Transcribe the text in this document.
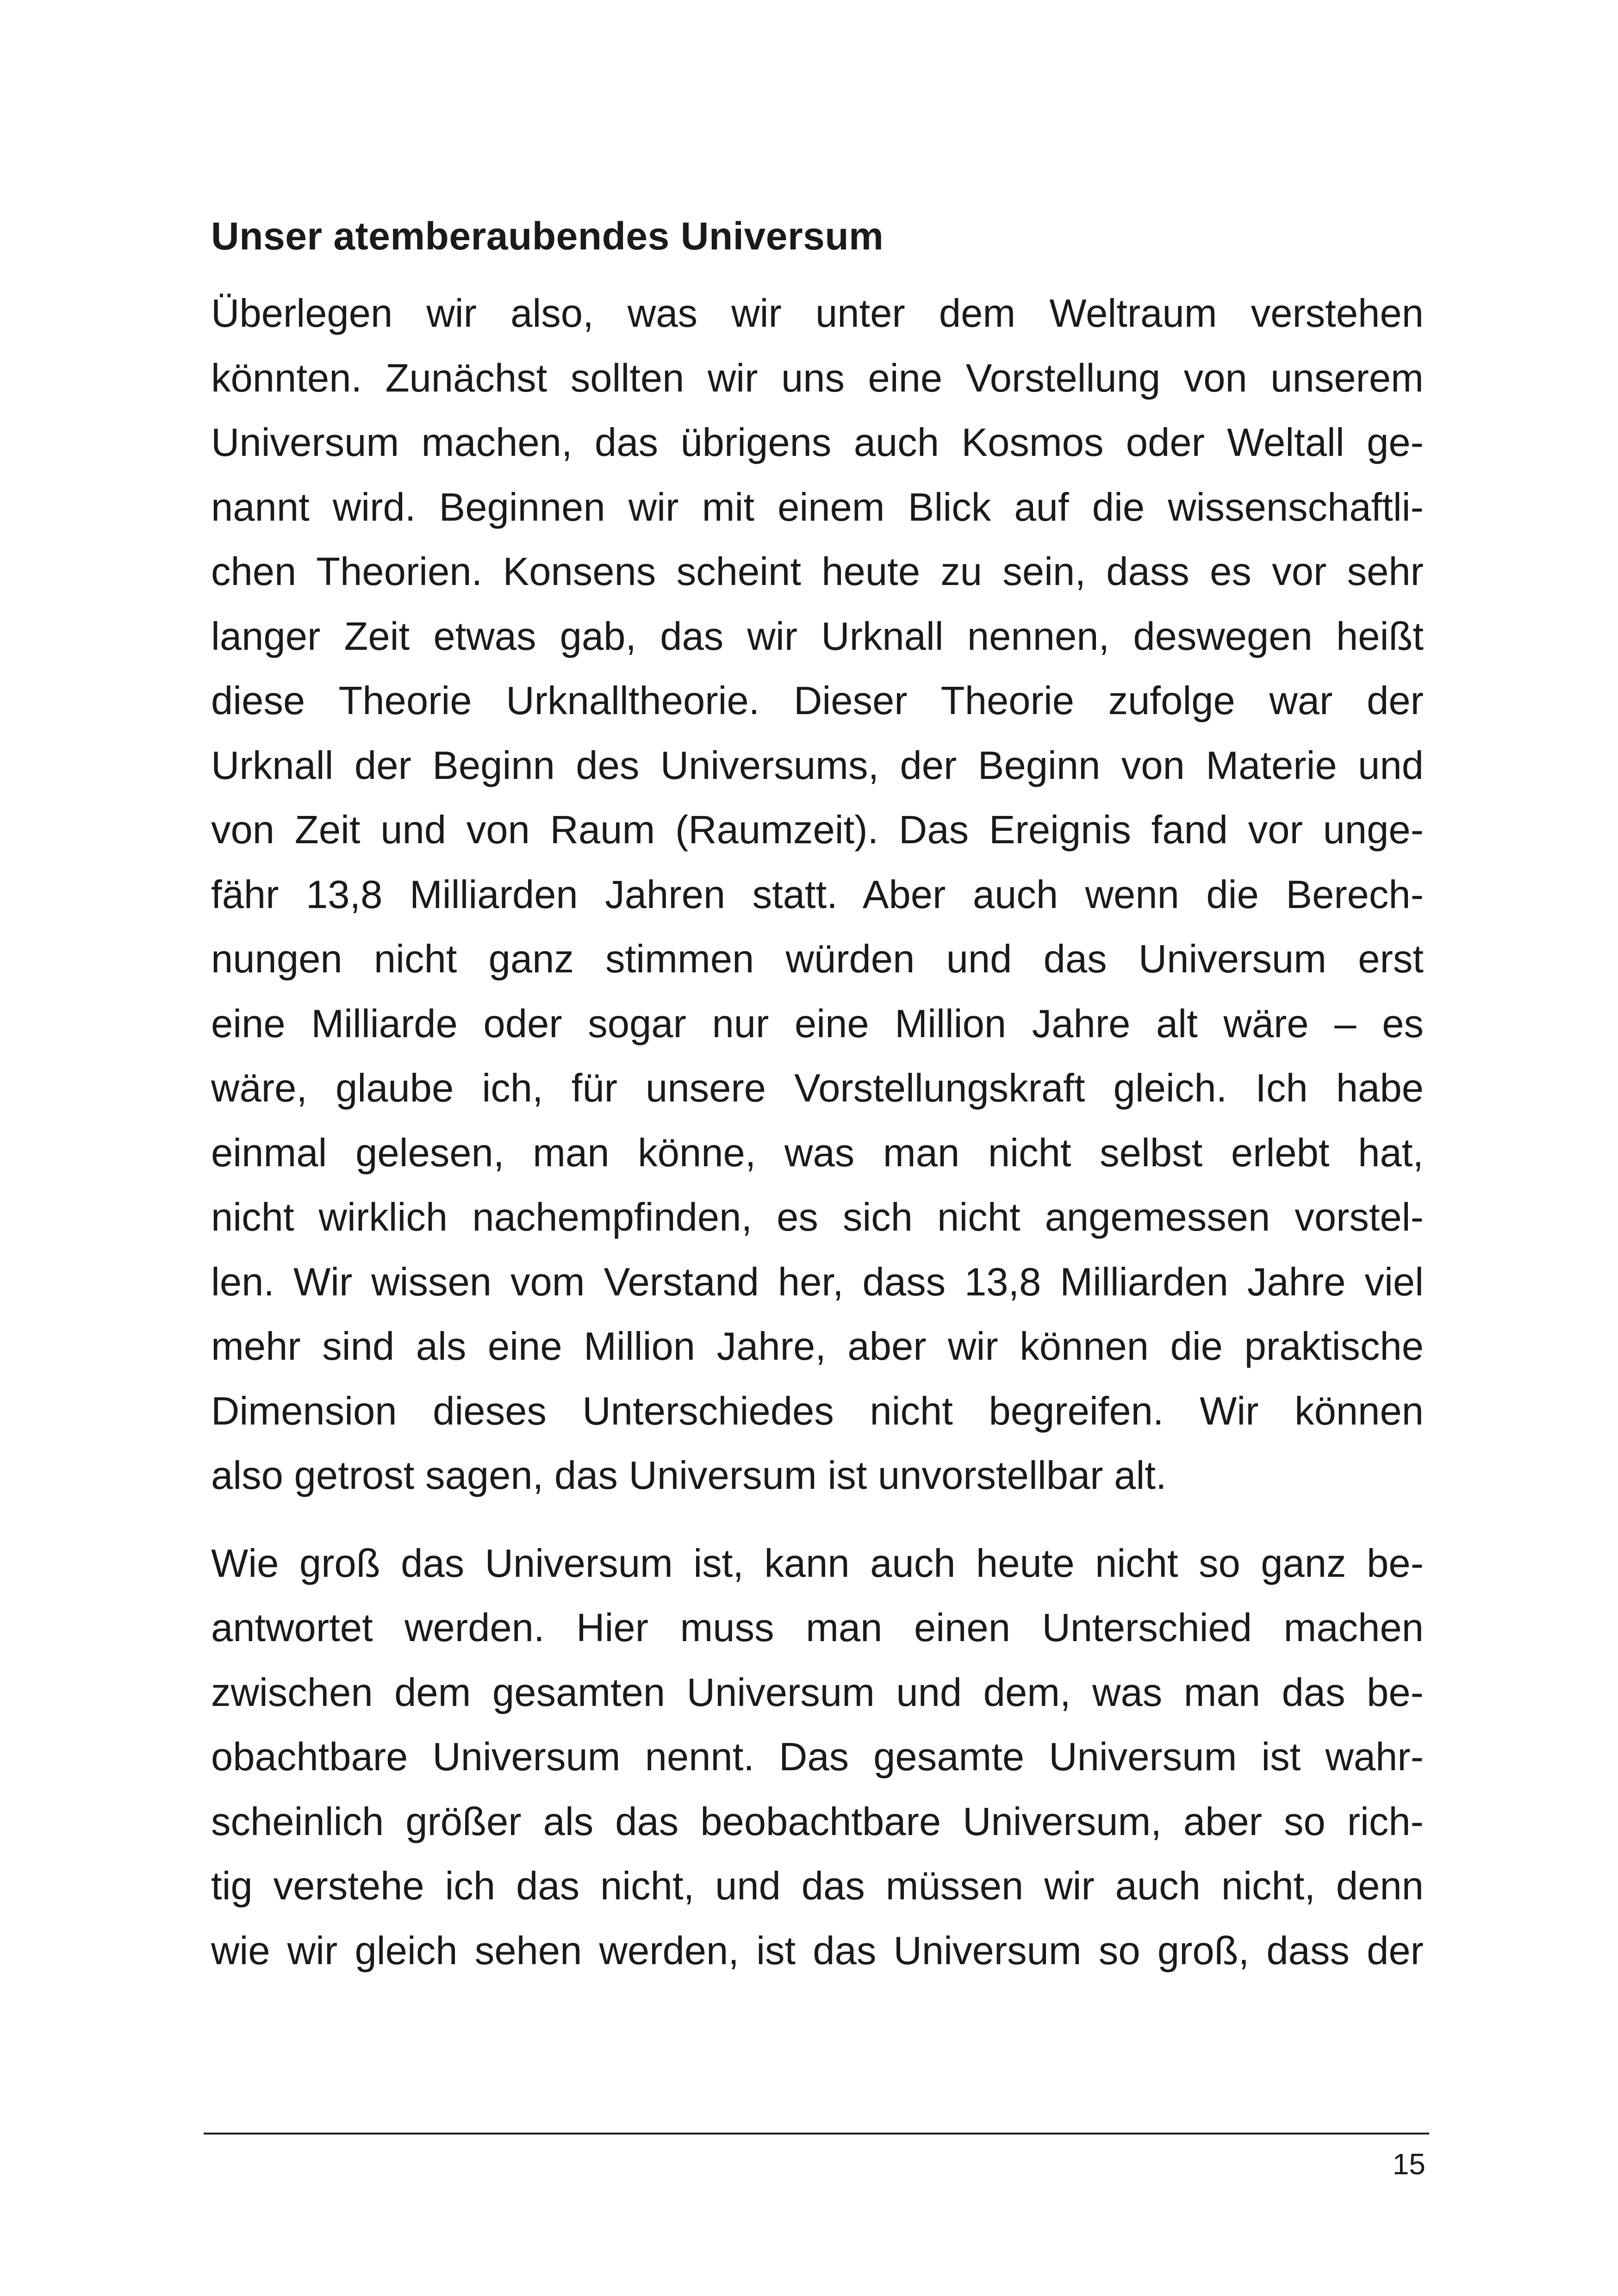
Unser atemberaubendes Universum
Überlegen wir also, was wir unter dem Weltraum verstehen
könnten. Zunächst sollten wir uns eine Vorstellung von unserem
Universum machen, das übrigens auch Kosmos oder Weltall ge-
nannt wird. Beginnen wir mit einem Blick auf die wissenschaftli-
chen Theorien. Konsens scheint heute zu sein, dass es vor sehr
langer Zeit etwas gab, das wir Urknall nennen, deswegen heißt
diese Theorie Urknalltheorie. Dieser Theorie zufolge war der
Urknall der Beginn des Universums, der Beginn von Materie und
von Zeit und von Raum (Raumzeit). Das Ereignis fand vor unge-
fähr 13,8 Milliarden Jahren statt. Aber auch wenn die Berech-
nungen nicht ganz stimmen würden und das Universum erst
eine Milliarde oder sogar nur eine Million Jahre alt wäre – es
wäre, glaube ich, für unsere Vorstellungskraft gleich. Ich habe
einmal gelesen, man könne, was man nicht selbst erlebt hat,
nicht wirklich nachempfinden, es sich nicht angemessen vorstel-
len. Wir wissen vom Verstand her, dass 13,8 Milliarden Jahre viel
mehr sind als eine Million Jahre, aber wir können die praktische
Dimension dieses Unterschiedes nicht begreifen. Wir können
also getrost sagen, das Universum ist unvorstellbar alt.
Wie groß das Universum ist, kann auch heute nicht so ganz be-
antwortet werden. Hier muss man einen Unterschied machen
zwischen dem gesamten Universum und dem, was man das be-
obachtbare Universum nennt. Das gesamte Universum ist wahr-
scheinlich größer als das beobachtbare Universum, aber so rich-
tig verstehe ich das nicht, und das müssen wir auch nicht, denn
wie wir gleich sehen werden, ist das Universum so groß, dass der
15
